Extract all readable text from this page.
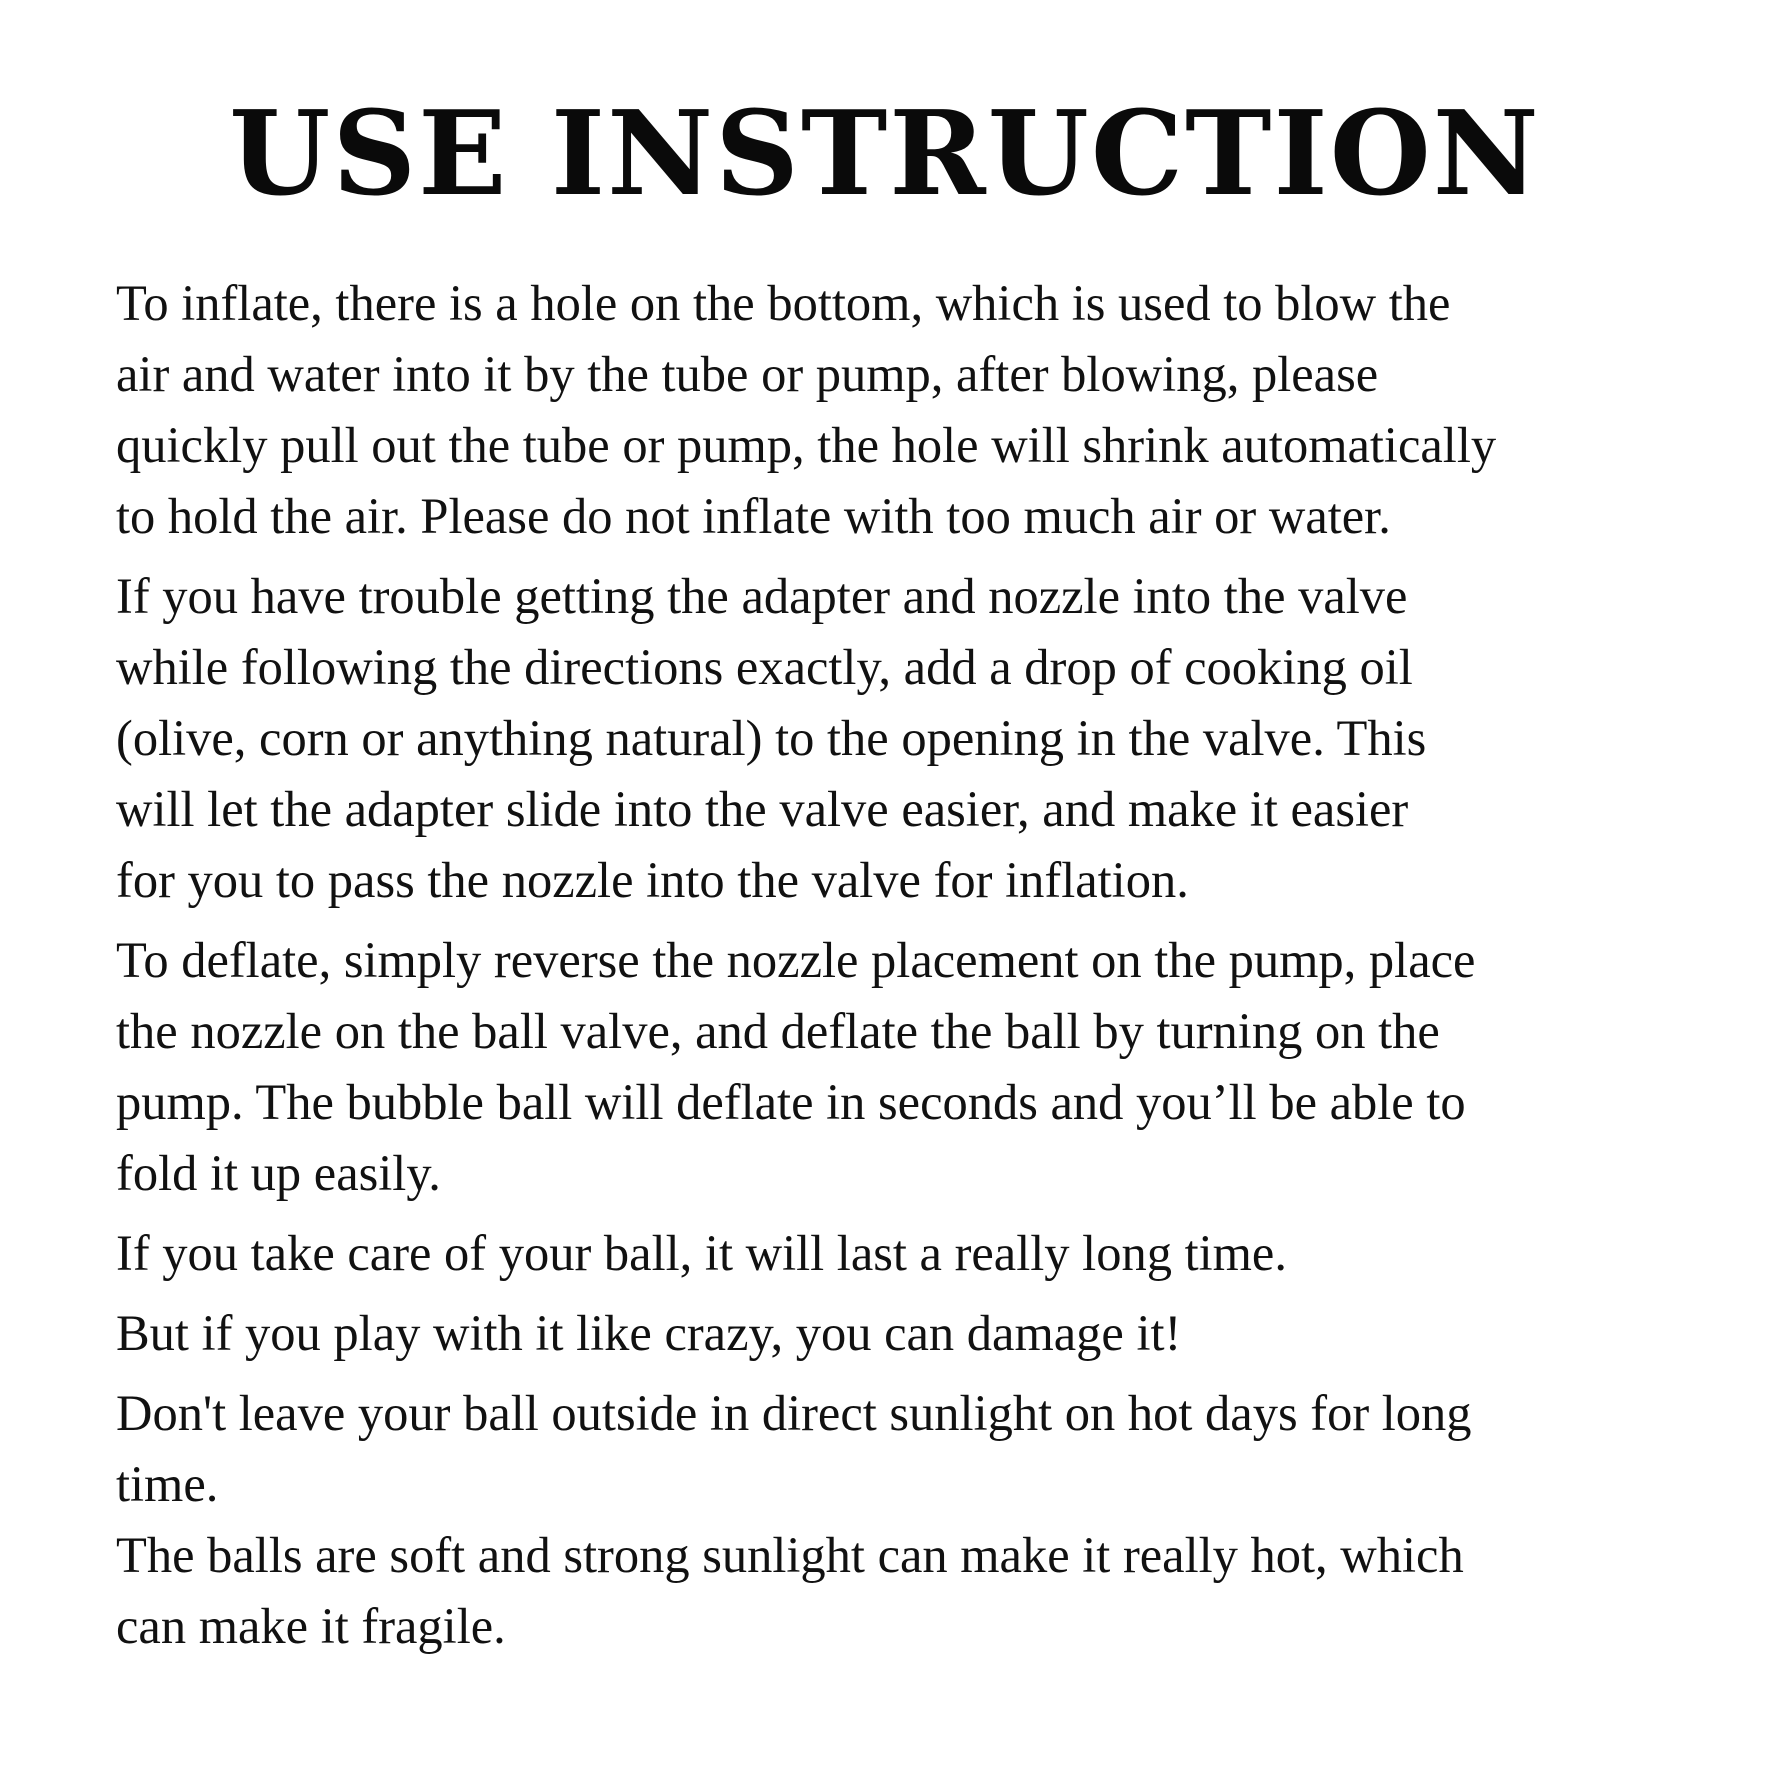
USE INSTRUCTION

To inflate, there is a hole on the bottom, which is used to blow the
air and water into it by the tube or pump, after blowing, please
quickly pull out the tube or pump, the hole will shrink automatically
to hold the air. Please do not inflate with too much air or water.

If you have trouble getting the adapter and nozzle into the valve
while following the directions exactly, add a drop of cooking oil
(olive, corn or anything natural) to the opening in the valve. This
will let the adapter slide into the valve easier, and make it easier
for you to pass the nozzle into the valve for inflation.

To deflate, simply reverse the nozzle placement on the pump, place
the nozzle on the ball valve, and deflate the ball by turning on the
pump. The bubble ball will deflate in seconds and you’ll be able to
fold it up easily.

If you take care of your ball, it will last a really long time.

But if you play with it like crazy, you can damage it!

Don't leave your ball outside in direct sunlight on hot days for long
time.

The balls are soft and strong sunlight can make it really hot, which
can make it fragile.
